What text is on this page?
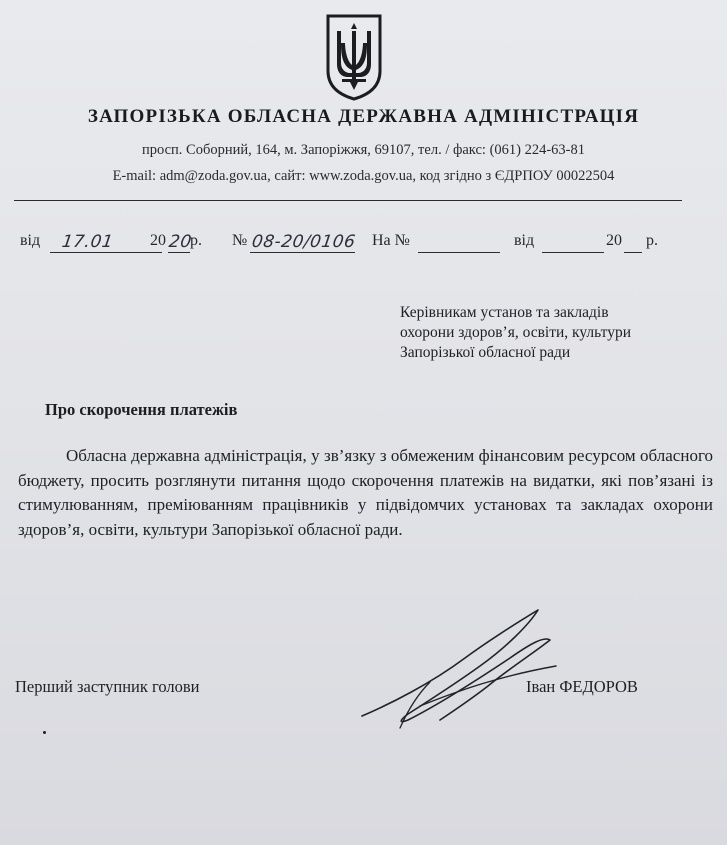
ЗАПОРІЗЬКА ОБЛАСНА ДЕРЖАВНА АДМІНІСТРАЦІЯ
просп. Соборний, 164, м. Запоріжжя, 69107, тел. / факс: (061) 224-63-81
E-mail: adm@zoda.gov.ua, сайт: www.zoda.gov.ua, код згідно з ЄДРПОУ 00022504
від 17.01 20 20
р. № 08-20/0106 На №	від	20 р.
Керівникам установ та закладів
охорони здоров’я, освіти, культури
Запорізької обласної ради
Про скорочення платежів

Обласна державна адміністрація, у зв’язку з обмеженим фінансовим ресурсом обласного бюджету, просить розглянути питання щодо скорочення платежів на видатки, які пов’язані із стимулюванням, преміюванням працівників у підвідомчих установах та закладах охорони здоров’я, освіти, культури Запорізької обласної ради.

Перший заступник голови	Іван ФЕДОРОВ
